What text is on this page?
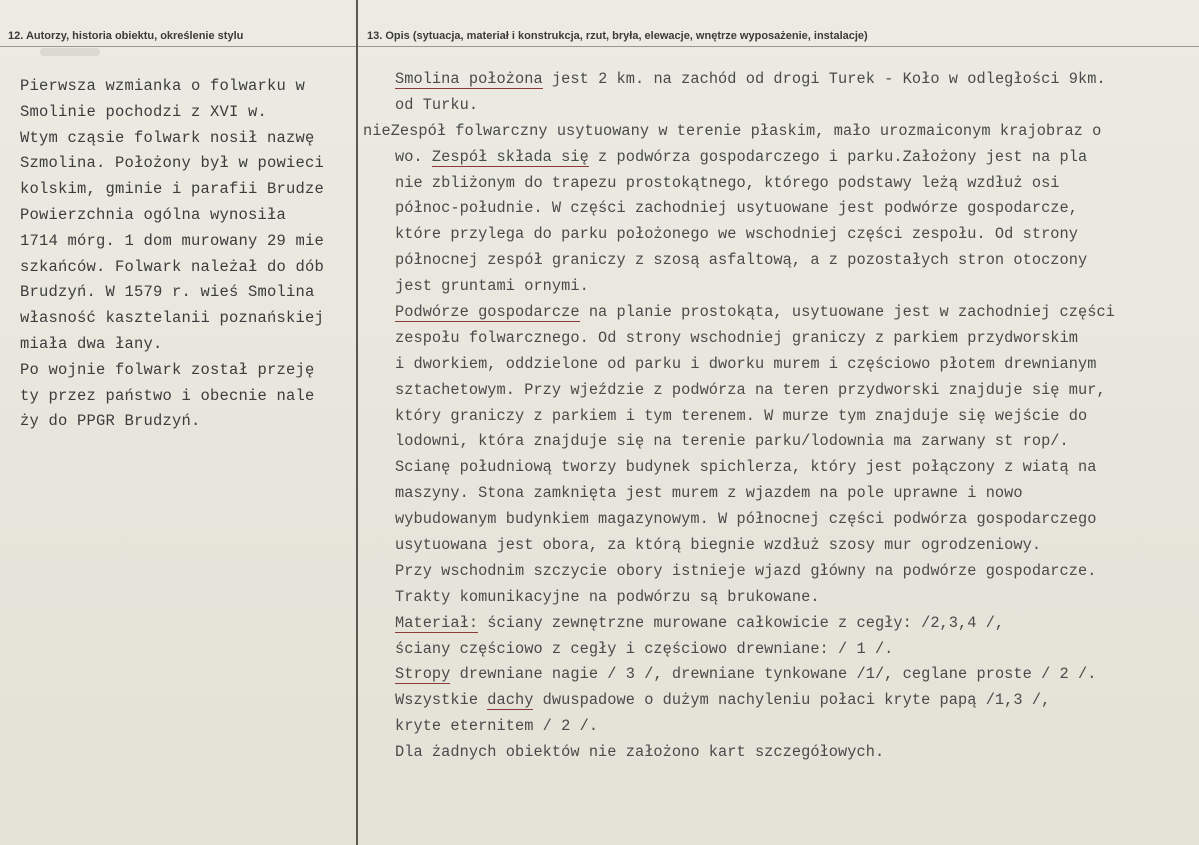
12. Autorzy, historia obiektu, określenie stylu	13. Opis (sytuacja, materiał i konstrukcja, rzut, bryła, elewacje, wnętrze wyposażenie, instalacje)
Pierwsza wzmianka o folwarku w
Smolinie pochodzi z XVI w.
Wtym cząsie folwark nosił nazwę
Szmolina. Położony był w powieci
kolskim, gminie i parafii Brudze
Powierzchnia ogólna wynosiła
1714 mórg. 1 dom murowany 29 mie
szkańców. Folwark należał do dób
Brudzyń. W 1579 r. wieś Smolina
własność kasztelanii poznańskiej
miała dwa łany.
Po wojnie folwark został przeję
ty przez państwo i obecnie nale
ży do PPGR Brudzyń.
Smolina położona jest 2 km. na zachód od drogi Turek - Koło w odległości 9km.
od Turku.
nieZespół folwarczny usytuowany w terenie płaskim, mało urozmaiconym krajobraz o
wo. Zespół składa się z podwórza gospodarczego i parku.Założony jest na pla
nie zbliżonym do trapezu prostokątnego, którego podstawy leżą wzdłuż osi
północ-południe. W części zachodniej usytuowane jest podwórze gospodarcze,
które przylega do parku położonego we wschodniej części zespołu. Od strony
północnej zespół graniczy z szosą asfaltową, a z pozostałych stron otoczony
jest gruntami ornymi.
Podwórze gospodarcze na planie prostokąta, usytuowane jest w zachodniej części
zespołu folwarcznego. Od strony wschodniej graniczy z parkiem przydworskim
i dworkiem, oddzielone od parku i dworku murem i częściowo płotem drewnianym
sztachetowym. Przy wjeździe z podwórza na teren przydworski znajduje się mur,
który graniczy z parkiem i tym terenem. W murze tym znajduje się wejście do
lodowni, która znajduje się na terenie parku/lodownia ma zarwany st rop/.
Scianę południową tworzy budynek spichlerza, który jest połączony z wiatą na
maszyny. Stona zamknięta jest murem z wjazdem na pole uprawne i nowo
wybudowanym budynkiem magazynowym. W północnej części podwórza gospodarczego
usytuowana jest obora, za którą biegnie wzdłuż szosy mur ogrodzeniowy.
Przy wschodnim szczycie obory istnieje wjazd główny na podwórze gospodarcze.
Trakty komunikacyjne na podwórzu są brukowane.
Materiał: ściany zewnętrzne murowane całkowicie z cegły: /2,3,4 /,
ściany częściowo z cegły i częściowo drewniane: / 1 /.
Stropy drewniane nagie / 3 /, drewniane tynkowane /1/, ceglane proste / 2 /.
Wszystkie dachy dwuspadowe o dużym nachyleniu połaci kryte papą /1,3 /,
kryte eternitem / 2 /.
Dla żadnych obiektów nie założono kart szczegółowych.
